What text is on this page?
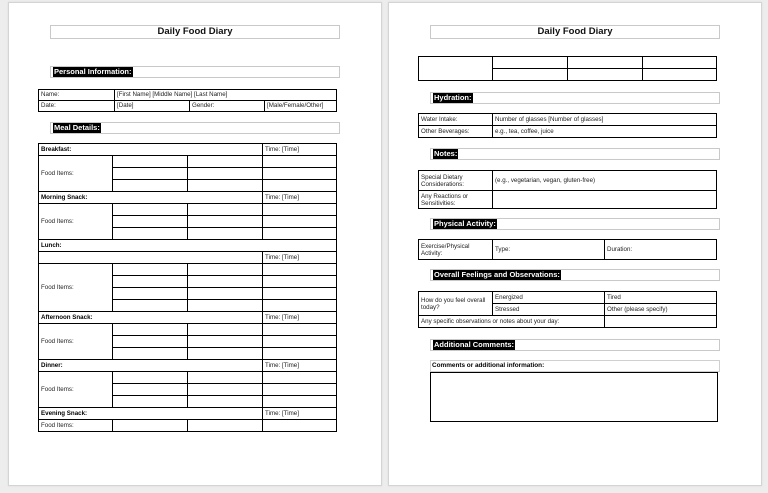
Daily Food Diary
Personal Information:
Name:	[First Name] [Middle Name] [Last Name]		
Date:	[Date]	Gender:	[Male/Female/Other]
Meal Details:
Breakfast:			Time: [Time]
Food Items:			

Morning Snack:			Time: [Time]
Food Items:			

Lunch:			
			Time: [Time]
Food Items:			

Afternoon Snack:			Time: [Time]
Food Items:			

Dinner:			Time: [Time]
Food Items:			

Evening Snack:			Time: [Time]
Food Items:			
Daily Food Diary

Hydration:
Water Intake:	Number of glasses [Number of glasses]
Other Beverages:	e.g., tea, coffee, juice
Notes:
Special Dietary Considerations:	(e.g., vegetarian, vegan, gluten-free)
Any Reactions or Sensitivities:	
Physical Activity:
Exercise/Physical Activity:	Type:	Duration:
Overall Feelings and Observations:
How do you feel overall today?	Energized	Tired
	Stressed	Other (please specify)
Any specific observations or notes about your day:		
Additional Comments:
Comments or additional information:
